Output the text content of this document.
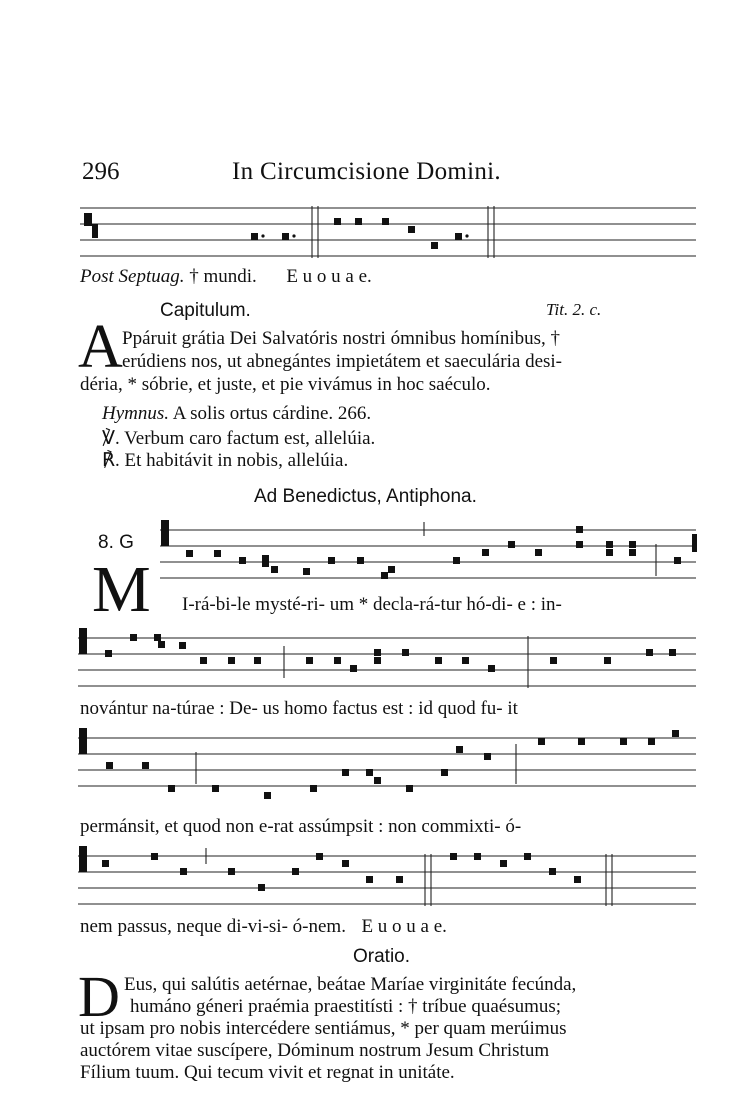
296	In Circumcisione Domini.
Post Septuag. † mundi. E u o u a e.
Capitulum.	Tit. 2. c.
A Ppáruit grátia Dei Salvatóris nostri ómnibus homínibus, †
erúdiens nos, ut abnegántes impietátem et saeculária desi-
déria, * sóbrie, et juste, et pie vivámus in hoc saéculo.
Hymnus. A solis ortus cárdine. 266.
℣. Verbum caro factum est, allelúia.
℟. Et habitávit in nobis, allelúia.
Ad Benedictus, Antiphona.
8. G
M I-rá-bi-le mysté-ri- um * decla-rá-tur hó-di- e : in-
novántur na-túrae : De- us homo factus est : id quod fu- it
permánsit, et quod non e-rat assúmpsit : non commixti- ó-
nem passus, neque di-vi-si- ó-nem. E u o u a e.
Oratio.
D Eus, qui salútis aetérnae, beátae Maríae virginitáte fecúnda,
humáno géneri praémia praestitísti : † tríbue quaésumus;
ut ipsam pro nobis intercédere sentiámus, * per quam merúimus
auctórem vitae suscípere, Dóminum nostrum Jesum Christum
Fílium tuum. Qui tecum vivit et regnat in unitáte.
